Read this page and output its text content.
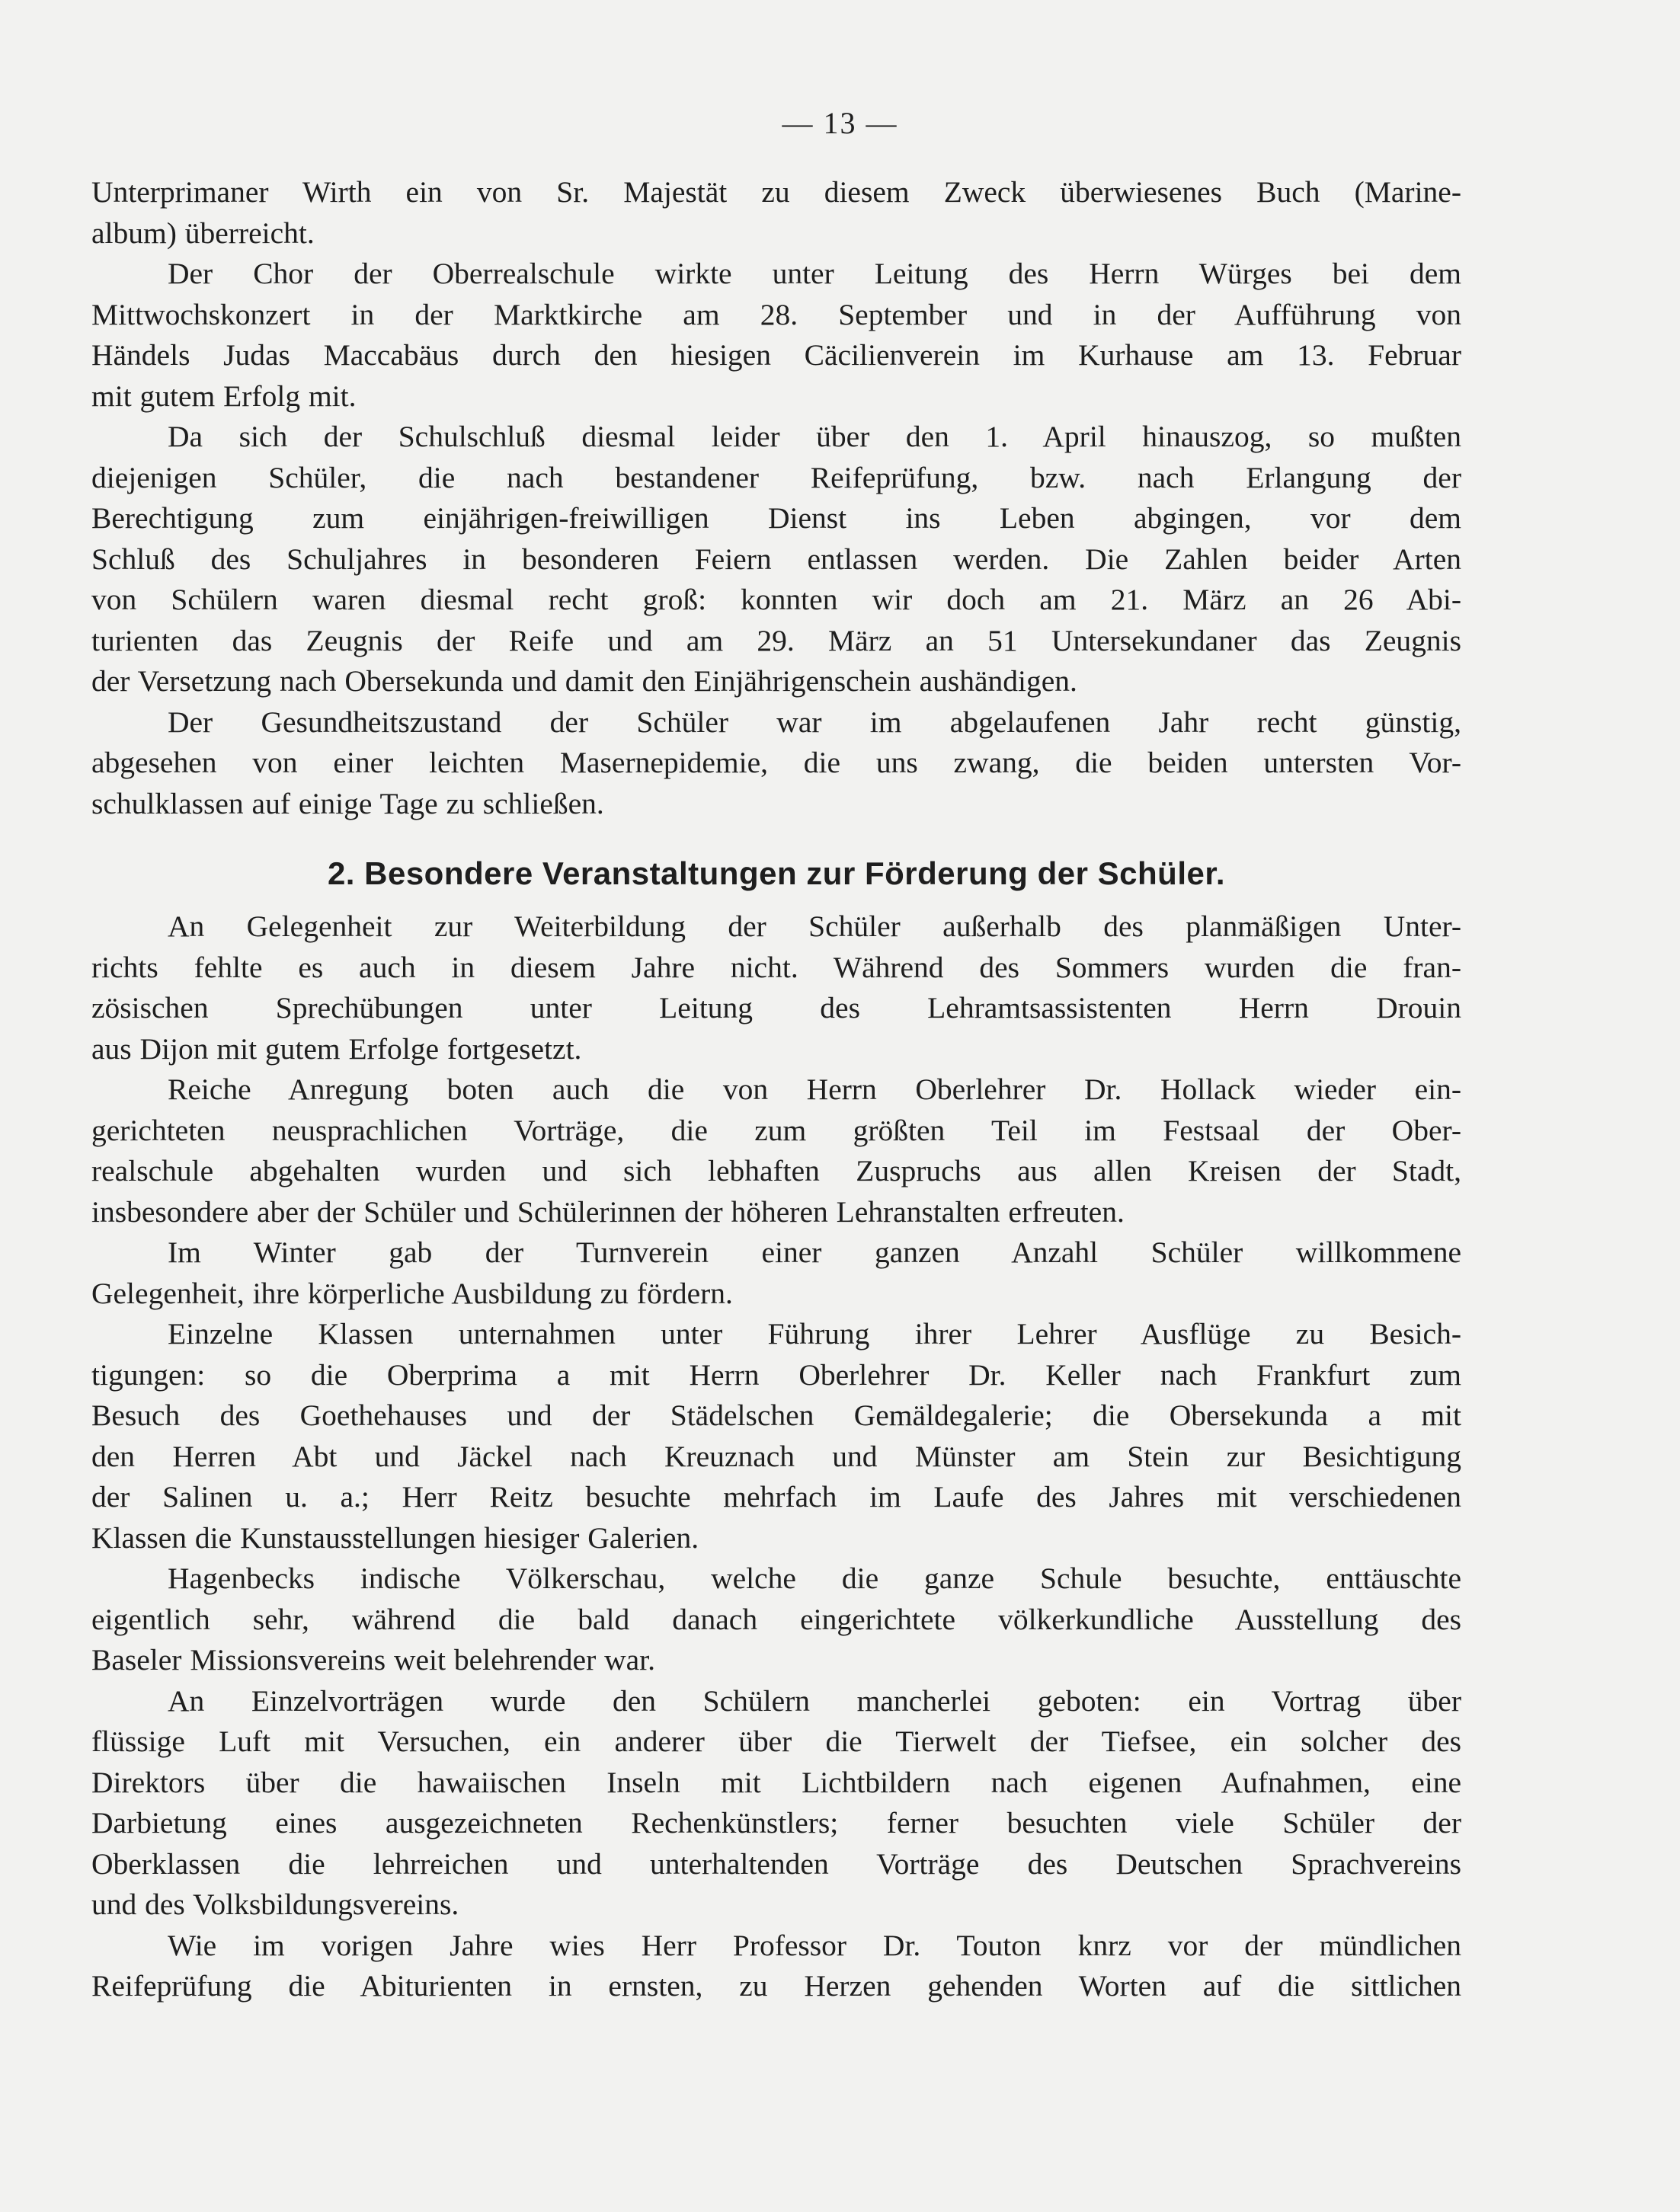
— 13 —

Unterprimaner Wirth ein von Sr. Majestät zu diesem Zweck überwiesenes Buch (Marine-
album) überreicht.

Der Chor der Oberrealschule wirkte unter Leitung des Herrn Würges bei dem
Mittwochskonzert in der Marktkirche am 28. September und in der Aufführung von
Händels Judas Maccabäus durch den hiesigen Cäcilienverein im Kurhause am 13. Februar
mit gutem Erfolg mit.

Da sich der Schulschluß diesmal leider über den 1. April hinauszog, so mußten
diejenigen Schüler, die nach bestandener Reifeprüfung, bzw. nach Erlangung der
Berechtigung zum einjährigen-freiwilligen Dienst ins Leben abgingen, vor dem
Schluß des Schuljahres in besonderen Feiern entlassen werden. Die Zahlen beider Arten
von Schülern waren diesmal recht groß: konnten wir doch am 21. März an 26 Abi-
turienten das Zeugnis der Reife und am 29. März an 51 Untersekundaner das Zeugnis
der Versetzung nach Obersekunda und damit den Einjährigenschein aushändigen.

Der Gesundheitszustand der Schüler war im abgelaufenen Jahr recht günstig,
abgesehen von einer leichten Masernepidemie, die uns zwang, die beiden untersten Vor-
schulklassen auf einige Tage zu schließen.

2. Besondere Veranstaltungen zur Förderung der Schüler.

An Gelegenheit zur Weiterbildung der Schüler außerhalb des planmäßigen Unter-
richts fehlte es auch in diesem Jahre nicht. Während des Sommers wurden die fran-
zösischen Sprechübungen unter Leitung des Lehramtsassistenten Herrn Drouin
aus Dijon mit gutem Erfolge fortgesetzt.

Reiche Anregung boten auch die von Herrn Oberlehrer Dr. Hollack wieder ein-
gerichteten neusprachlichen Vorträge, die zum größten Teil im Festsaal der Ober-
realschule abgehalten wurden und sich lebhaften Zuspruchs aus allen Kreisen der Stadt,
insbesondere aber der Schüler und Schülerinnen der höheren Lehranstalten erfreuten.

Im Winter gab der Turnverein einer ganzen Anzahl Schüler willkommene
Gelegenheit, ihre körperliche Ausbildung zu fördern.

Einzelne Klassen unternahmen unter Führung ihrer Lehrer Ausflüge zu Besich-
tigungen: so die Oberprima a mit Herrn Oberlehrer Dr. Keller nach Frankfurt zum
Besuch des Goethehauses und der Städelschen Gemäldegalerie; die Obersekunda a mit
den Herren Abt und Jäckel nach Kreuznach und Münster am Stein zur Besichtigung
der Salinen u. a.; Herr Reitz besuchte mehrfach im Laufe des Jahres mit verschiedenen
Klassen die Kunstausstellungen hiesiger Galerien.

Hagenbecks indische Völkerschau, welche die ganze Schule besuchte, enttäuschte
eigentlich sehr, während die bald danach eingerichtete völkerkundliche Ausstellung des
Baseler Missionsvereins weit belehrender war.

An Einzelvorträgen wurde den Schülern mancherlei geboten: ein Vortrag über
flüssige Luft mit Versuchen, ein anderer über die Tierwelt der Tiefsee, ein solcher des
Direktors über die hawaiischen Inseln mit Lichtbildern nach eigenen Aufnahmen, eine
Darbietung eines ausgezeichneten Rechenkünstlers; ferner besuchten viele Schüler der
Oberklassen die lehrreichen und unterhaltenden Vorträge des Deutschen Sprachvereins
und des Volksbildungsvereins.

Wie im vorigen Jahre wies Herr Professor Dr. Touton knrz vor der mündlichen
Reifeprüfung die Abiturienten in ernsten, zu Herzen gehenden Worten auf die sittlichen
